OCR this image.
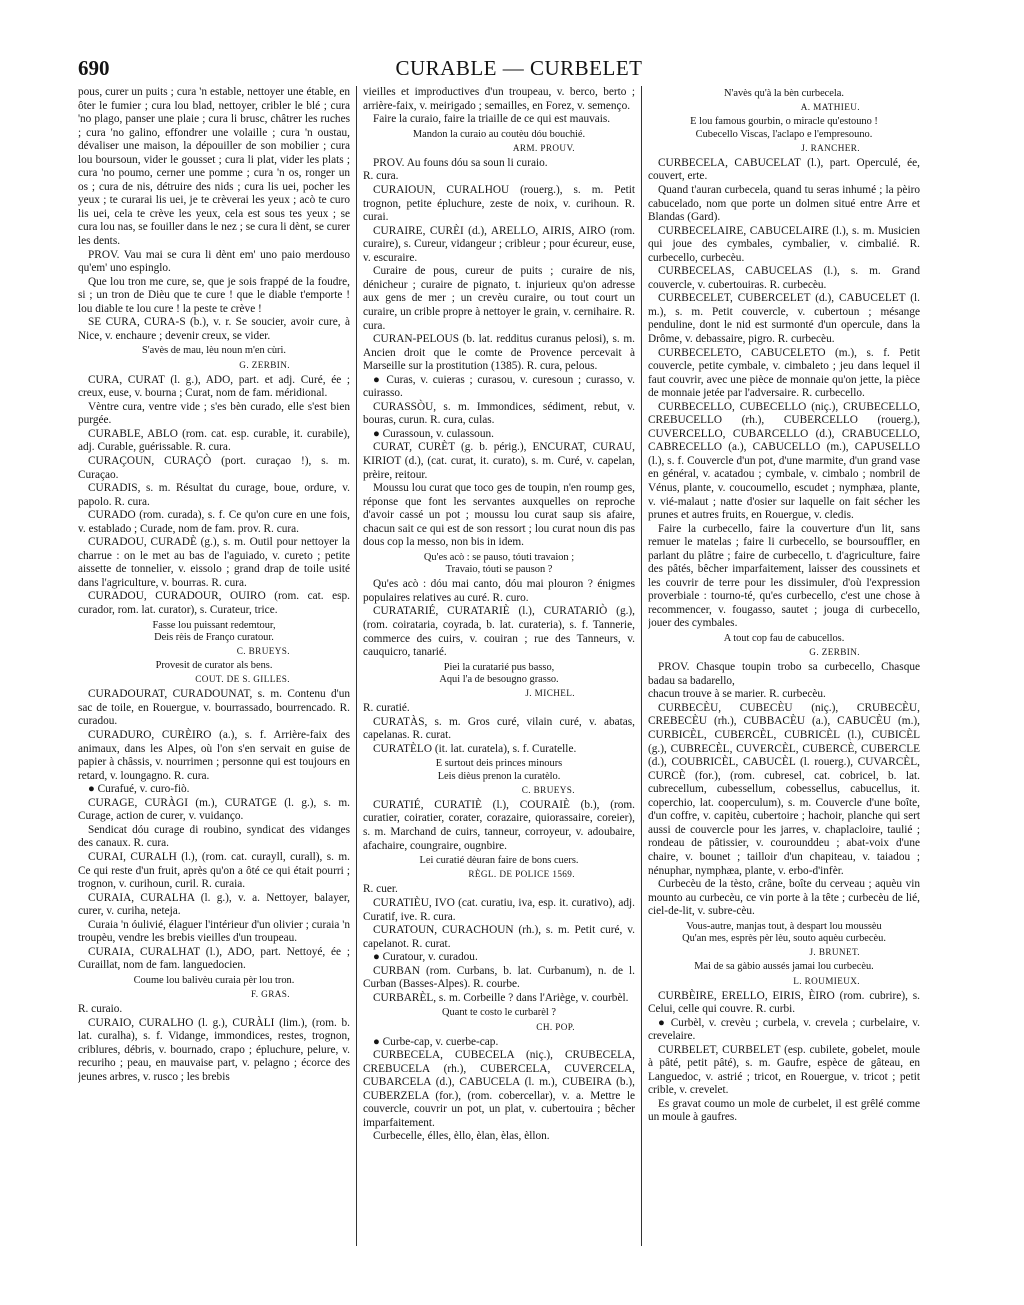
690	CURABLE — CURBELET

pous, curer un puits ; cura 'n estable, nettoyer une étable, en ôter le fumier ; cura lou blad, nettoyer, cribler le blé ; cura 'no plago, panser une plaie ; cura li brusc, châtrer les ruches ; cura 'no galino, effondrer une volaille ; cura 'n oustau, dévaliser une maison, la dépouiller de son mobilier ; cura lou boursoun, vider le gousset ; cura li plat, vider les plats ; cura 'no poumo, cerner une pomme ; cura 'n os, ronger un os ; cura de nis, détruire des nids ; cura lis uei, pocher les yeux ; te curarai lis uei, je te crèverai les yeux ; acò te curo lis uei, cela te crève les yeux, cela est sous tes yeux ; se cura lou nas, se fouiller dans le nez ; se cura li dènt, se curer les dents.

PROV. Vau mai se cura li dènt em' uno paio merdouso qu'em' uno espinglo.

Que lou tron me cure, se, que je sois frappé de la foudre, si ; un tron de Dièu que te cure ! que le diable t'emporte ! lou diable te lou cure ! la peste te crève !

SE CURA, CURA-S (b.), v. r. Se soucier, avoir cure, à Nice, v. enchaure ; devenir creux, se vider.

S'avès de mau, lèu noun m'en cùri.

G. ZERBIN.

CURA, CURAT (l. g.), ADO, part. et adj. Curé, ée ; creux, euse, v. bourna ; Curat, nom de fam. méridional.

Vèntre cura, ventre vide ; s'es bèn curado, elle s'est bien purgée.

CURABLE, ABLO (rom. cat. esp. curable, it. curabile), adj. Curable, guérissable. R. cura.

CURAÇOUN, CURAÇÒ (port. curaçao !), s. m. Curaçao.

CURADIS, s. m. Résultat du curage, boue, ordure, v. papolo. R. cura.

CURADO (rom. curada), s. f. Ce qu'on cure en une fois, v. establado ; Curade, nom de fam. prov. R. cura.

CURADOU, CURADÈ (g.), s. m. Outil pour nettoyer la charrue : on le met au bas de l'aguiado, v. cureto ; petite aissette de tonnelier, v. eissolo ; grand drap de toile usité dans l'agriculture, v. bourras. R. cura.

CURADOU, CURADOUR, OUIRO (rom. cat. esp. curador, rom. lat. curator), s. Curateur, trice.

Fasse lou puissant redemtour,
Deis rèis de Franço curatour.

C. BRUEYS.

Provesit de curator als bens.

COUT. DE S. GILLES.

CURADOURAT, CURADOUNAT, s. m. Contenu d'un sac de toile, en Rouergue, v. bourrassado, bourrencado. R. curadou.

CURADURO, CURÈIRO (a.), s. f. Arrière-faix des animaux, dans les Alpes, où l'on s'en servait en guise de papier à châssis, v. nourrimen ; personne qui est toujours en retard, v. loungagno. R. cura.

● Curafué, v. curo-fiò.

CURAGE, CURÀGI (m.), CURATGE (l. g.), s. m. Curage, action de curer, v. vuidanço.

Sendicat dóu curage di roubino, syndicat des vidanges des canaux. R. cura.

CURAI, CURALH (l.), (rom. cat. curayll, curall), s. m. Ce qui reste d'un fruit, après qu'on a ôté ce qui était pourri ; trognon, v. curihoun, curil. R. curaia.

CURAIA, CURALHA (l. g.), v. a. Nettoyer, balayer, curer, v. curiha, neteja.

Curaia 'n óulivié, élaguer l'intérieur d'un olivier ; curaia 'n troupèu, vendre les brebis vieilles d'un troupeau.

CURAIA, CURALHAT (l.), ADO, part. Nettoyé, ée ; Curaillat, nom de fam. languedocien.

Coume lou balivèu curaia pèr lou tron.

F. GRAS.

R. curaio.

CURAIO, CURALHO (l. g.), CURÀLI (lim.), (rom. b. lat. curalha), s. f. Vidange, immondices, restes, trognon, criblures, débris, v. bournado, crapo ; épluchure, pelure, v. recuriho ; peau, en mauvaise part, v. pelagno ; écorce des jeunes arbres, v. rusco ; les brebis

vieilles et improductives d'un troupeau, v. berco, berto ; arrière-faix, v. meirigado ; semailles, en Forez, v. semenço.

Faire la curaio, faire la triaille de ce qui est mauvais.

Mandon la curaio au coutèu dóu bouchié.

ARM. PROUV.

PROV. Au founs dóu sa soun li curaio.

R. cura.

CURAIOUN, CURALHOU (rouerg.), s. m. Petit trognon, petite épluchure, zeste de noix, v. curihoun. R. curai.

CURAIRE, CURÈI (d.), ARELLO, AIRIS, AIRO (rom. curaire), s. Cureur, vidangeur ; cribleur ; pour écureur, euse, v. escuraire.

Curaire de pous, cureur de puits ; curaire de nis, dénicheur ; curaire de pignato, t. injurieux qu'on adresse aux gens de mer ; un crevèu curaire, ou tout court un curaire, un crible propre à nettoyer le grain, v. cernihaire. R. cura.

CURAN-PELOUS (b. lat. redditus curanus pelosi), s. m. Ancien droit que le comte de Provence percevait à Marseille sur la prostitution (1385). R. cura, pelous.

● Curas, v. cuieras ; curasou, v. curesoun ; curasso, v. cuirasso.

CURASSÒU, s. m. Immondices, sédiment, rebut, v. bouras, curun. R. cura, culas.

● Curassoun, v. culassoun.

CURAT, CURÈT (g. b. périg.), ENCURAT, CURAU, KIRIOT (d.), (cat. curat, it. curato), s. m. Curé, v. capelan, prèire, reitour.

Moussu lou curat que toco ges de toupin, n'en roump ges, réponse que font les servantes auxquelles on reproche d'avoir cassé un pot ; moussu lou curat saup sis afaire, chacun sait ce qui est de son ressort ; lou curat noun dis pas dous cop la messo, non bis in idem.

Qu'es acò : se pauso, tóuti travaion ;
Travaio, tóuti se pauson ?

Qu'es acò : dóu mai canto, dóu mai plouron ? énigmes populaires relatives au curé. R. curo.

CURATARIÉ, CURATARIÈ (l.), CURATARIÒ (g.), (rom. coirataria, coyrada, b. lat. curateria), s. f. Tannerie, commerce des cuirs, v. couiran ; rue des Tanneurs, v. cauquicro, tanarié.

Piei la curatarié pus basso,
Aqui l'a de besougno grasso.

J. MICHEL.

R. curatié.

CURATÀS, s. m. Gros curé, vilain curé, v. abatas, capelanas. R. curat.

CURATÈLO (it. lat. curatela), s. f. Curatelle.

E surtout deis princes minours
Leis dièus prenon la curatèlo.

C. BRUEYS.

CURATIÉ, CURATIÈ (l.), COURAIÈ (b.), (rom. curatier, coiratier, corater, corazaire, quiorassaire, coreier), s. m. Marchand de cuirs, tanneur, corroyeur, v. adoubaire, afachaire, coungraire, ougnbire.

Lei curatié dèuran faire de bons cuers.

RÈGL. DE POLICE 1569.

R. cuer.

CURATIÈU, IVO (cat. curatiu, iva, esp. it. curativo), adj. Curatif, ive. R. cura.

CURATOUN, CURACHOUN (rh.), s. m. Petit curé, v. capelanot. R. curat.

● Curatour, v. curadou.

CURBAN (rom. Curbans, b. lat. Curbanum), n. de l. Curban (Basses-Alpes). R. courbe.

CURBARÈL, s. m. Corbeille ? dans l'Ariège, v. courbèl.

Quant te costo le curbarèl ?

CH. POP.

● Curbe-cap, v. cuerbe-cap.

CURBECELA, CUBECELA (niç.), CRUBECELA, CREBUCELA (rh.), CUBERCELA, CUVERCELA, CUBARCELA (d.), CABUCELA (l. m.), CUBEIRA (b.), CUBERZELA (for.), (rom. cobercellar), v. a. Mettre le couvercle, couvrir un pot, un plat, v. cubertouira ; bêcher imparfaitement.

Curbecelle, élles, èllo, èlan, èlas, èllon.

N'avès qu'à la bèn curbecela.

A. MATHIEU.

E lou famous gourbin, o miracle qu'estouno !
Cubecello Viscas, l'aclapo e l'empresouno.

J. RANCHER.

CURBECELA, CABUCELAT (l.), part. Operculé, ée, couvert, erte.

Quand t'auran curbecela, quand tu seras inhumé ; la pèiro cabucelado, nom que porte un dolmen situé entre Arre et Blandas (Gard).

CURBECELAIRE, CABUCELAIRE (l.), s. m. Musicien qui joue des cymbales, cymbalier, v. cimbalié. R. curbecello, curbecèu.

CURBECELAS, CABUCELAS (l.), s. m. Grand couvercle, v. cubertouiras. R. curbecèu.

CURBECELET, CUBERCELET (d.), CABUCELET (l. m.), s. m. Petit couvercle, v. cubertoun ; mésange penduline, dont le nid est surmonté d'un opercule, dans la Drôme, v. debassaire, pigro. R. curbecèu.

CURBECELETO, CABUCELETO (m.), s. f. Petit couvercle, petite cymbale, v. cimbaleto ; jeu dans lequel il faut couvrir, avec une pièce de monnaie qu'on jette, la pièce de monnaie jetée par l'adversaire. R. curbecello.

CURBECELLO, CUBECELLO (niç.), CRUBECELLO, CREBUCELLO (rh.), CUBERCELLO (rouerg.), CUVERCELLO, CUBARCELLO (d.), CRABUCELLO, CABRECELLO (a.), CABUCELLO (m.), CAPUSELLO (l.), s. f. Couvercle d'un pot, d'une marmite, d'un grand vase en général, v. acatadou ; cymbale, v. cimbalo ; nombril de Vénus, plante, v. coucoumello, escudet ; nymphæa, plante, v. vié-malaut ; natte d'osier sur laquelle on fait sécher les prunes et autres fruits, en Rouergue, v. cledis.

Faire la curbecello, faire la couverture d'un lit, sans remuer le matelas ; faire li curbecello, se boursouffler, en parlant du plâtre ; faire de curbecello, t. d'agriculture, faire des pâtés, bêcher imparfaitement, laisser des coussinets et les couvrir de terre pour les dissimuler, d'où l'expression proverbiale : tourno-té, qu'es curbecello, c'est une chose à recommencer, v. fougasso, sautet ; jouga di curbecello, jouer des cymbales.

A tout cop fau de cabucellos.

G. ZERBIN.

PROV. Chasque toupin trobo sa curbecello, Chasque badau sa badarello,

chacun trouve à se marier. R. curbecèu.

CURBECÈU, CUBECÈU (niç.), CRUBECÈU, CREBECÈU (rh.), CUBBACÈU (a.), CABUCÈU (m.), CURBICÈL, CUBERCÈL, CUBRICÈL (l.), CUBICÈL (g.), CUBRECÈL, CUVERCÈL, CUBERCÈ, CUBERCLE (d.), COUBRICÈL, CABUCÈL (l. rouerg.), CUVARCÈL, CURCÈ (for.), (rom. cubresel, cat. cobricel, b. lat. cubrecellum, cubessellum, cobessellus, cabucellus, it. coperchio, lat. cooperculum), s. m. Couvercle d'une boîte, d'un coffre, v. capitèu, cubertoire ; hachoir, planche qui sert aussi de couvercle pour les jarres, v. chaplacloire, taulié ; rondeau de pâtissier, v. courounddeu ; abat-voix d'une chaire, v. bounet ; tailloir d'un chapiteau, v. taiadou ; nénuphar, nymphæa, plante, v. erbo-d'infèr.

Curbecèu de la tèsto, crâne, boîte du cerveau ; aquèu vin mounto au curbecèu, ce vin porte à la tête ; curbecèu de lié, ciel-de-lit, v. subre-cèu.

Vous-autre, manjas tout, à despart lou moussèu
Qu'an mes, esprès pèr lèu, souto aquèu curbecèu.

J. BRUNET.

Mai de sa gàbio aussés jamai lou curbecèu.

L. ROUMIEUX.

CURBÈIRE, ERELLO, EIRIS, ÈIRO (rom. cubrire), s. Celui, celle qui couvre. R. curbi.

● Curbèl, v. crevèu ; curbela, v. crevela ; curbelaire, v. crevelaire.

CURBELET, CURBELET (esp. cubilete, gobelet, moule à pâté, petit pâté), s. m. Gaufre, espèce de gâteau, en Languedoc, v. astrié ; tricot, en Rouergue, v. tricot ; petit crible, v. crevelet.

Es gravat coumo un mole de curbelet, il est grêlé comme un moule à gaufres.
